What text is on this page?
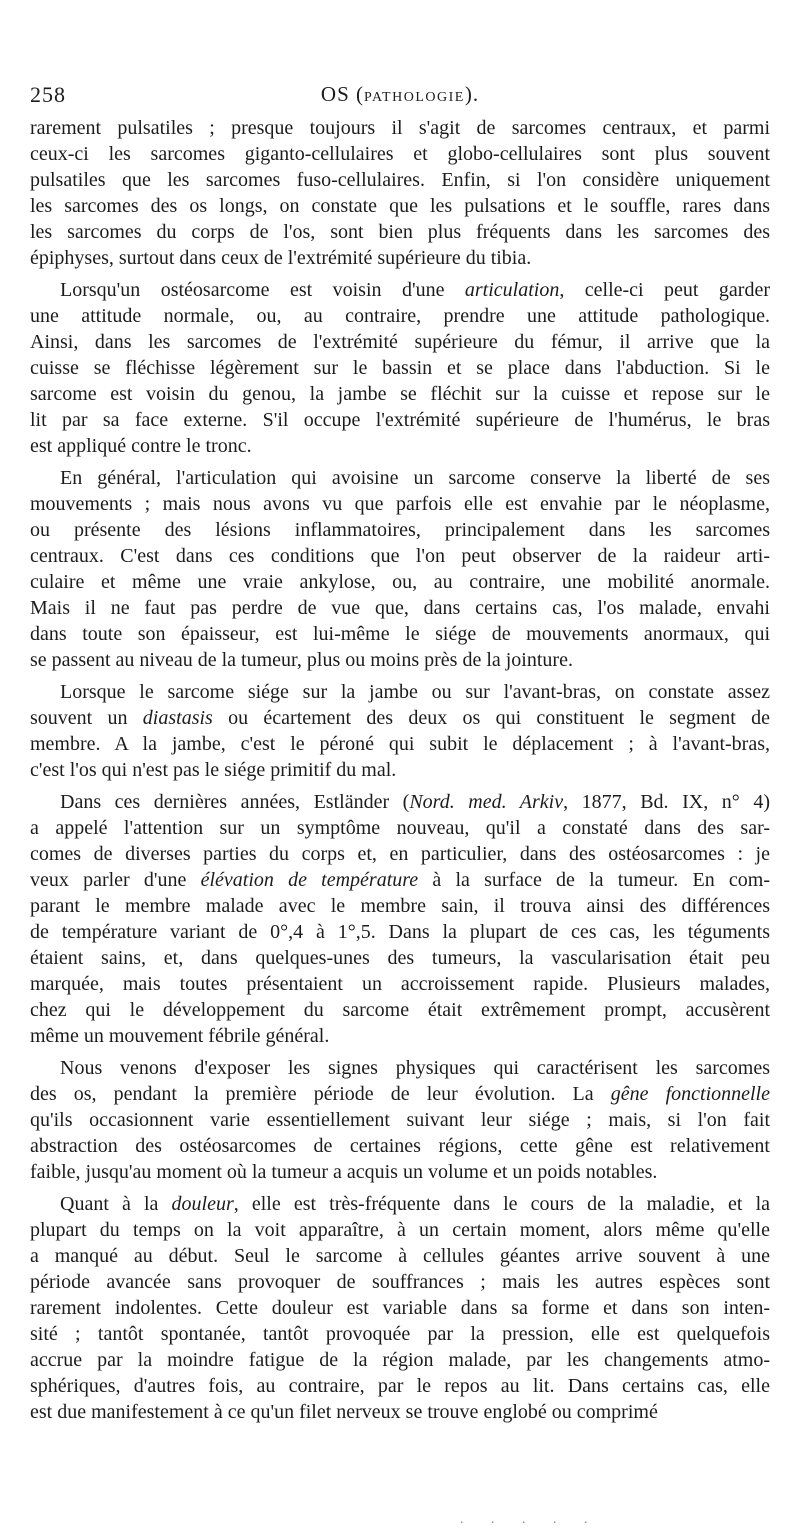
258	OS (PATHOLOGIE).
rarement pulsatiles ; presque toujours il s'agit de sarcomes centraux, et parmi
ceux-ci les sarcomes giganto-cellulaires et globo-cellulaires sont plus souvent
pulsatiles que les sarcomes fuso-cellulaires. Enfin, si l'on considère uniquement
les sarcomes des os longs, on constate que les pulsations et le souffle, rares dans
les sarcomes du corps de l'os, sont bien plus fréquents dans les sarcomes des
épiphyses, surtout dans ceux de l'extrémité supérieure du tibia.
Lorsqu'un ostéosarcome est voisin d'une articulation, celle-ci peut garder
une attitude normale, ou, au contraire, prendre une attitude pathologique.
Ainsi, dans les sarcomes de l'extrémité supérieure du fémur, il arrive que la
cuisse se fléchisse légèrement sur le bassin et se place dans l'abduction. Si le
sarcome est voisin du genou, la jambe se fléchit sur la cuisse et repose sur le
lit par sa face externe. S'il occupe l'extrémité supérieure de l'humérus, le bras
est appliqué contre le tronc.
En général, l'articulation qui avoisine un sarcome conserve la liberté de ses
mouvements ; mais nous avons vu que parfois elle est envahie par le néoplasme,
ou présente des lésions inflammatoires, principalement dans les sarcomes
centraux. C'est dans ces conditions que l'on peut observer de la raideur arti-
culaire et même une vraie ankylose, ou, au contraire, une mobilité anormale.
Mais il ne faut pas perdre de vue que, dans certains cas, l'os malade, envahi
dans toute son épaisseur, est lui-même le siége de mouvements anormaux, qui
se passent au niveau de la tumeur, plus ou moins près de la jointure.
Lorsque le sarcome siége sur la jambe ou sur l'avant-bras, on constate assez
souvent un diastasis ou écartement des deux os qui constituent le segment de
membre. A la jambe, c'est le péroné qui subit le déplacement ; à l'avant-bras,
c'est l'os qui n'est pas le siége primitif du mal.
Dans ces dernières années, Estländer (Nord. med. Arkiv, 1877, Bd. IX, n° 4)
a appelé l'attention sur un symptôme nouveau, qu'il a constaté dans des sar-
comes de diverses parties du corps et, en particulier, dans des ostéosarcomes : je
veux parler d'une élévation de température à la surface de la tumeur. En com-
parant le membre malade avec le membre sain, il trouva ainsi des différences
de température variant de 0°,4 à 1°,5. Dans la plupart de ces cas, les téguments
étaient sains, et, dans quelques-unes des tumeurs, la vascularisation était peu
marquée, mais toutes présentaient un accroissement rapide. Plusieurs malades,
chez qui le développement du sarcome était extrêmement prompt, accusèrent
même un mouvement fébrile général.
Nous venons d'exposer les signes physiques qui caractérisent les sarcomes
des os, pendant la première période de leur évolution. La gêne fonctionnelle
qu'ils occasionnent varie essentiellement suivant leur siége ; mais, si l'on fait
abstraction des ostéosarcomes de certaines régions, cette gêne est relativement
faible, jusqu'au moment où la tumeur a acquis un volume et un poids notables.
Quant à la douleur, elle est très-fréquente dans le cours de la maladie, et la
plupart du temps on la voit apparaître, à un certain moment, alors même qu'elle
a manqué au début. Seul le sarcome à cellules géantes arrive souvent à une
période avancée sans provoquer de souffrances ; mais les autres espèces sont
rarement indolentes. Cette douleur est variable dans sa forme et dans son inten-
sité ; tantôt spontanée, tantôt provoquée par la pression, elle est quelquefois
accrue par la moindre fatigue de la région malade, par les changements atmo-
sphériques, d'autres fois, au contraire, par le repos au lit. Dans certains cas, elle
est due manifestement à ce qu'un filet nerveux se trouve englobé ou comprimé
. . . . .
